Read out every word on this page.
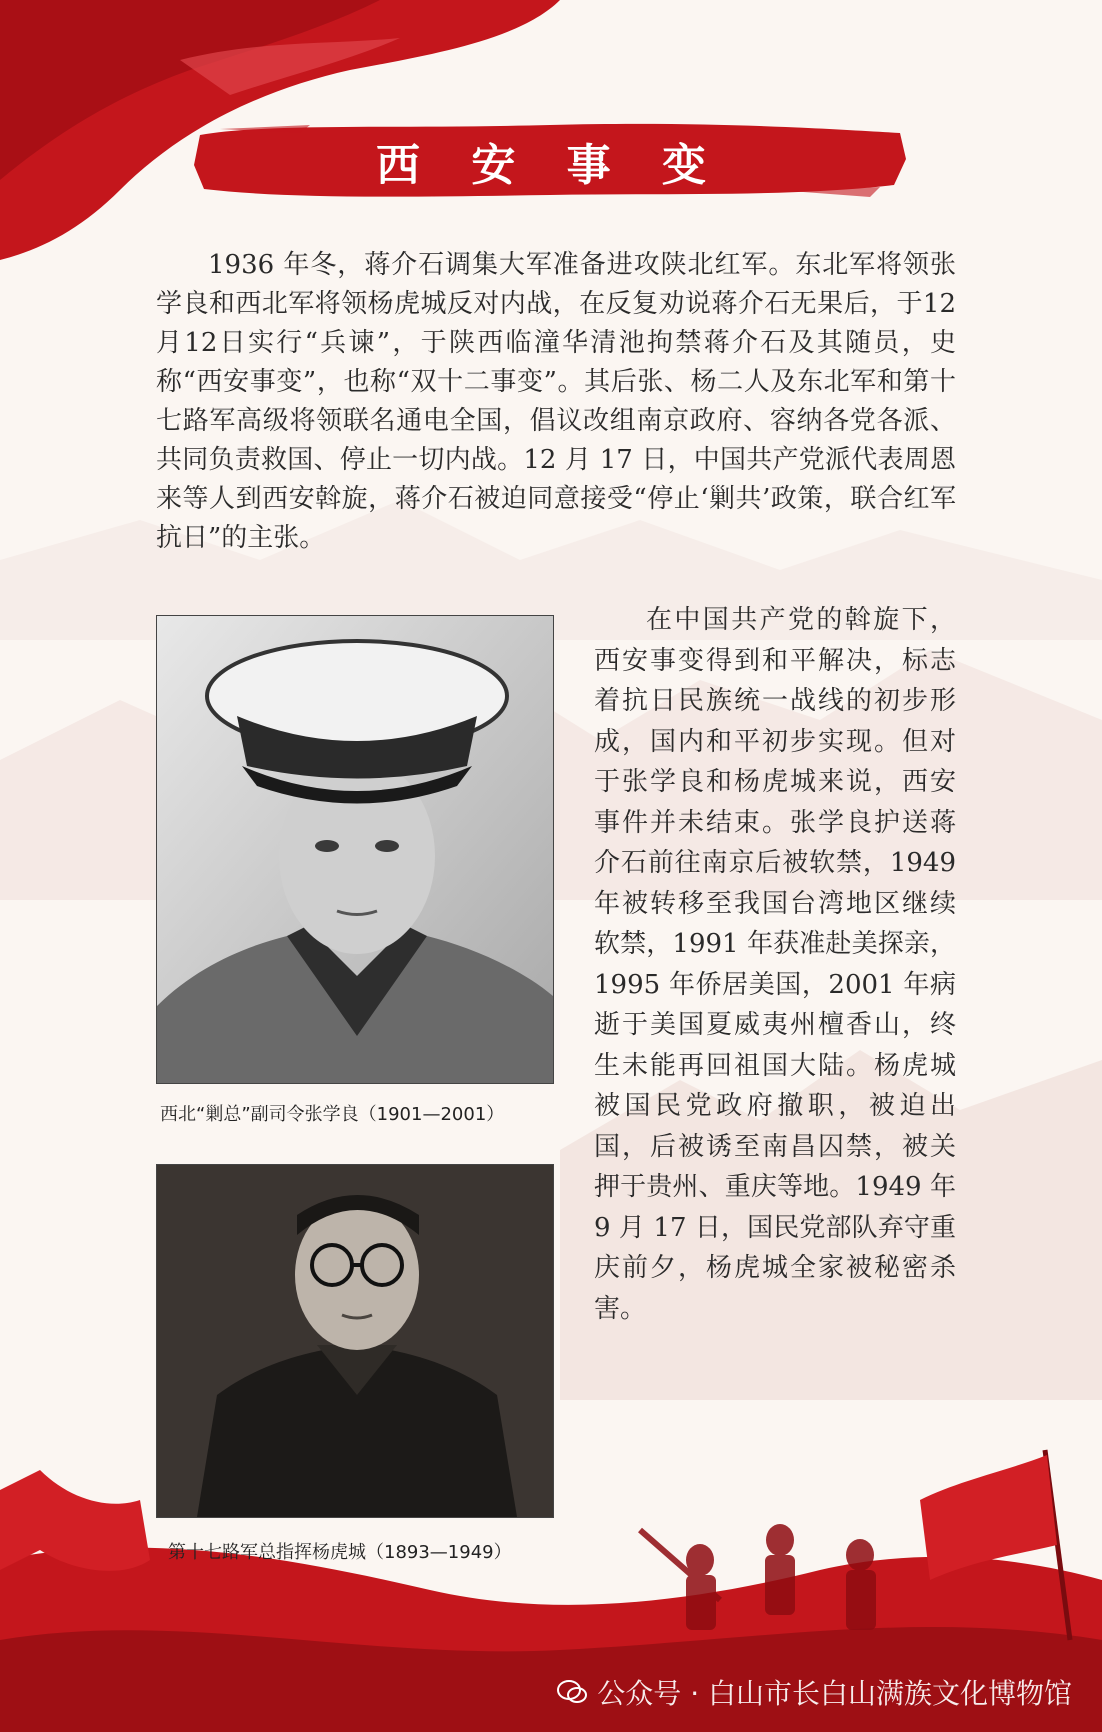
西 安 事 变

1936 年冬，蒋介石调集大军准备进攻陕北红军。东北军将领张学良和西北军将领杨虎城反对内战，在反复劝说蒋介石无果后，于12月12日实行“兵谏”，于陕西临潼华清池拘禁蒋介石及其随员，史称“西安事变”，也称“双十二事变”。其后张、杨二人及东北军和第十七路军高级将领联名通电全国，倡议改组南京政府、容纳各党各派、共同负责救国、停止一切内战。12 月 17 日，中国共产党派代表周恩来等人到西安斡旋，蒋介石被迫同意接受“停止‘剿共’政策，联合红军抗日”的主张。

西北“剿总”副司令张学良（1901—2001）
第十七路军总指挥杨虎城（1893—1949）

在中国共产党的斡旋下，西安事变得到和平解决，标志着抗日民族统一战线的初步形成，国内和平初步实现。但对于张学良和杨虎城来说，西安事件并未结束。张学良护送蒋介石前往南京后被软禁，1949 年被转移至我国台湾地区继续软禁，1991 年获准赴美探亲，1995 年侨居美国，2001 年病逝于美国夏威夷州檀香山，终生未能再回祖国大陆。杨虎城被国民党政府撤职，被迫出国，后被诱至南昌囚禁，被关押于贵州、重庆等地。1949 年 9 月 17 日，国民党部队弃守重庆前夕，杨虎城全家被秘密杀害。

公众号 · 白山市长白山满族文化博物馆
